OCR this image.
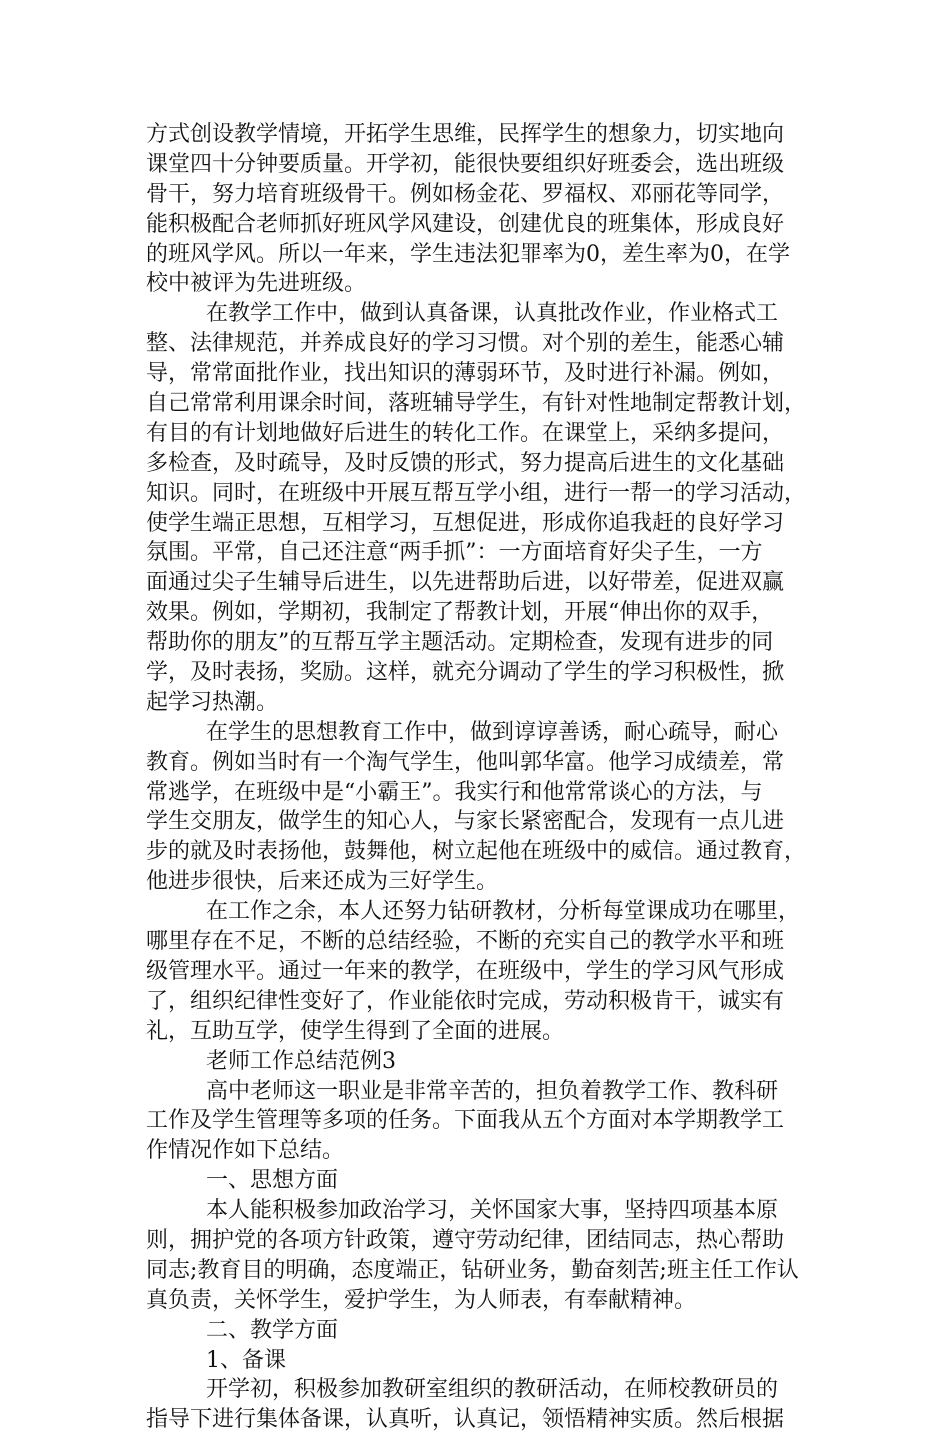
方式创设教学情境，开拓学生思维，民挥学生的想象力，切实地向
课堂四十分钟要质量。开学初，能很快要组织好班委会，选出班级
骨干，努力培育班级骨干。例如杨金花、罗福权、邓丽花等同学，
能积极配合老师抓好班风学风建设，创建优良的班集体，形成良好
的班风学风。所以一年来，学生违法犯罪率为0，差生率为0，在学
校中被评为先进班级。
在教学工作中，做到认真备课，认真批改作业，作业格式工
整、法律规范，并养成良好的学习习惯。对个别的差生，能悉心辅
导，常常面批作业，找出知识的薄弱环节，及时进行补漏。例如，
自己常常利用课余时间，落班辅导学生，有针对性地制定帮教计划，
有目的有计划地做好后进生的转化工作。在课堂上，采纳多提问，
多检查，及时疏导，及时反馈的形式，努力提高后进生的文化基础
知识。同时，在班级中开展互帮互学小组，进行一帮一的学习活动，
使学生端正思想，互相学习，互想促进，形成你追我赶的良好学习
氛围。平常，自己还注意“两手抓”：一方面培育好尖子生，一方
面通过尖子生辅导后进生，以先进帮助后进，以好带差，促进双赢
效果。例如，学期初，我制定了帮教计划，开展“伸出你的双手，
帮助你的朋友”的互帮互学主题活动。定期检查，发现有进步的同
学，及时表扬，奖励。这样，就充分调动了学生的学习积极性，掀
起学习热潮。
在学生的思想教育工作中，做到谆谆善诱，耐心疏导，耐心
教育。例如当时有一个淘气学生，他叫郭华富。他学习成绩差，常
常逃学，在班级中是“小霸王”。我实行和他常常谈心的方法，与
学生交朋友，做学生的知心人，与家长紧密配合，发现有一点儿进
步的就及时表扬他，鼓舞他，树立起他在班级中的威信。通过教育，
他进步很快，后来还成为三好学生。
在工作之余，本人还努力钻研教材，分析每堂课成功在哪里，
哪里存在不足，不断的总结经验，不断的充实自己的教学水平和班
级管理水平。通过一年来的教学，在班级中，学生的学习风气形成
了，组织纪律性变好了，作业能依时完成，劳动积极肯干，诚实有
礼，互助互学，使学生得到了全面的进展。
老师工作总结范例3
高中老师这一职业是非常辛苦的，担负着教学工作、教科研
工作及学生管理等多项的任务。下面我从五个方面对本学期教学工
作情况作如下总结。
一、思想方面
本人能积极参加政治学习，关怀国家大事，坚持四项基本原
则，拥护党的各项方针政策，遵守劳动纪律，团结同志，热心帮助
同志;教育目的明确，态度端正，钻研业务，勤奋刻苦;班主任工作认
真负责，关怀学生，爱护学生，为人师表，有奉献精神。
二、教学方面
1、备课
开学初，积极参加教研室组织的教研活动，在师校教研员的
指导下进行集体备课，认真听，认真记，领悟精神实质。然后根据
